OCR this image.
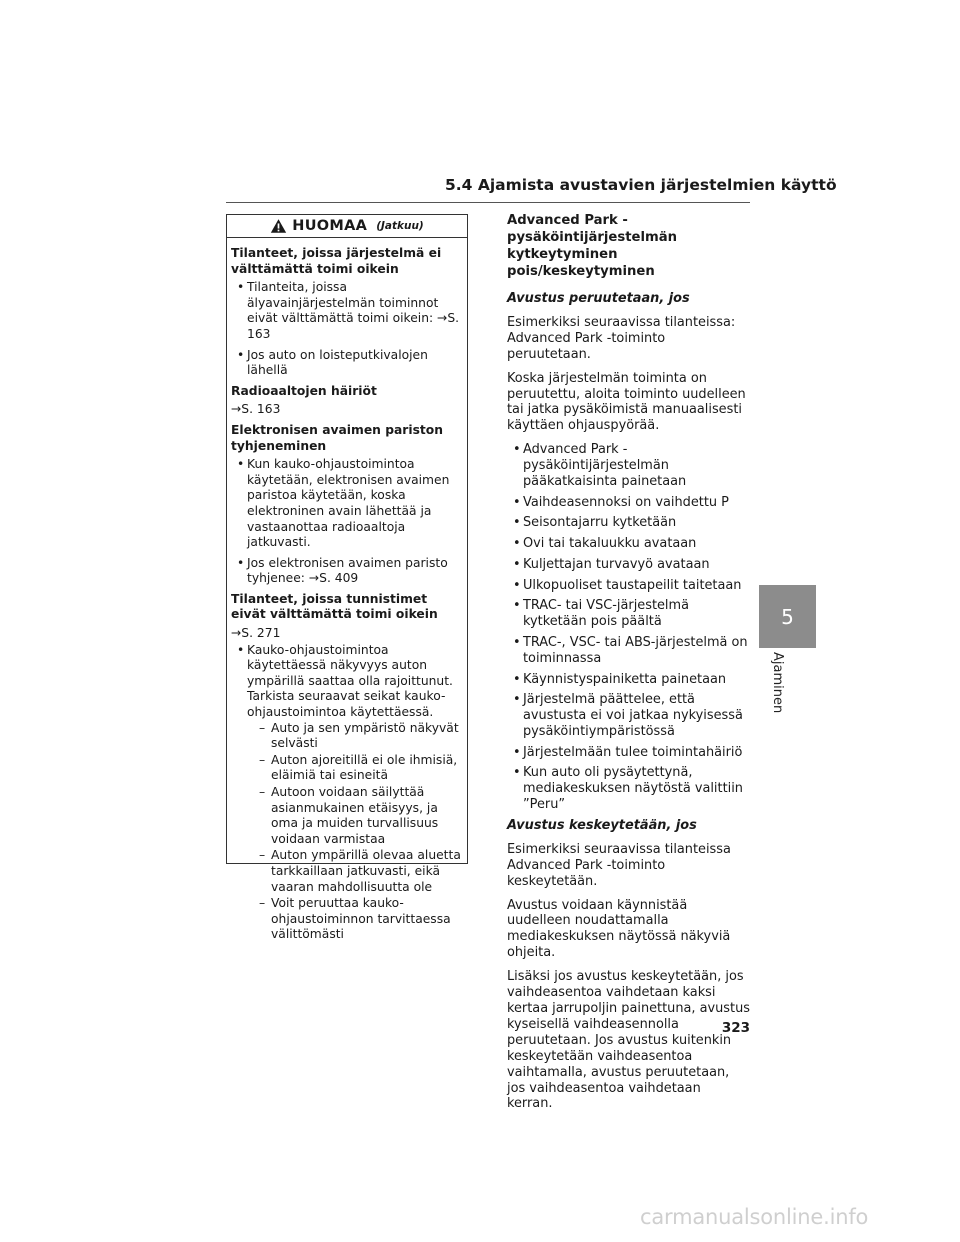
5.4 Ajamista avustavien järjestelmien käyttö
HUOMAA (Jatkuu)
Tilanteet, joissa järjestelmä ei välttämättä toimi oikein
• Tilanteita, joissa älyavainjärjestelmän toiminnot eivät välttämättä toimi oikein: →S. 163
• Jos auto on loisteputkivalojen lähellä
Radioaaltojen häiriöt
→S. 163
Elektronisen avaimen pariston tyhjeneminen
• Kun kauko-ohjaustoimintoa käytetään, elektronisen avaimen paristoa käytetään, koska elektroninen avain lähettää ja vastaanottaa radioaaltoja jatkuvasti.
• Jos elektronisen avaimen paristo tyhjenee: →S. 409
Tilanteet, joissa tunnistimet eivät välttämättä toimi oikein
→S. 271
• Kauko-ohjaustoimintoa käytettäessä näkyvyys auton ympärillä saattaa olla rajoittunut. Tarkista seuraavat seikat kauko-ohjaustoimintoa käytettäessä.
– Auto ja sen ympäristö näkyvät selvästi
– Auton ajoreitillä ei ole ihmisiä, eläimiä tai esineitä
– Autoon voidaan säilyttää asianmukainen etäisyys, ja oma ja muiden turvallisuus voidaan varmistaa
– Auton ympärillä olevaa aluetta tarkkaillaan jatkuvasti, eikä vaaran mahdollisuutta ole
– Voit peruuttaa kauko-ohjaustoiminnon tarvittaessa välittömästi
Advanced Park -pysäköintijärjestelmän kytkeytyminen pois/keskeytyminen
Avustus peruutetaan, jos
Esimerkiksi seuraavissa tilanteissa: Advanced Park -toiminto peruutetaan.
Koska järjestelmän toiminta on peruutettu, aloita toiminto uudelleen tai jatka pysäköimistä manuaalisesti käyttäen ohjauspyörää.
• Advanced Park -pysäköintijärjestelmän pääkatkaisinta painetaan
• Vaihdeasennoksi on vaihdettu P
• Seisontajarru kytketään
• Ovi tai takaluukku avataan
• Kuljettajan turvavyö avataan
• Ulkopuoliset taustapeilit taitetaan
• TRAC- tai VSC-järjestelmä kytketään pois päältä
• TRAC-, VSC- tai ABS-järjestelmä on toiminnassa
• Käynnistyspainiketta painetaan
• Järjestelmä päättelee, että avustusta ei voi jatkaa nykyisessä pysäköintiympäristössä
• Järjestelmään tulee toimintahäiriö
• Kun auto oli pysäytettynä, mediakeskuksen näytöstä valittiin ”Peru”
Avustus keskeytetään, jos
Esimerkiksi seuraavissa tilanteissa Advanced Park -toiminto keskeytetään.
Avustus voidaan käynnistää uudelleen noudattamalla mediakeskuksen näytössä näkyviä ohjeita.
Lisäksi jos avustus keskeytetään, jos vaihdeasentoa vaihdetaan kaksi kertaa jarrupoljin painettuna, avustus kyseisellä vaihdeasennolla peruutetaan. Jos avustus kuitenkin keskeytetään vaihdeasentoa vaihtamalla, avustus peruutetaan, jos vaihdeasentoa vaihdetaan kerran.
5
Ajaminen
323
carmanualsonline.info
